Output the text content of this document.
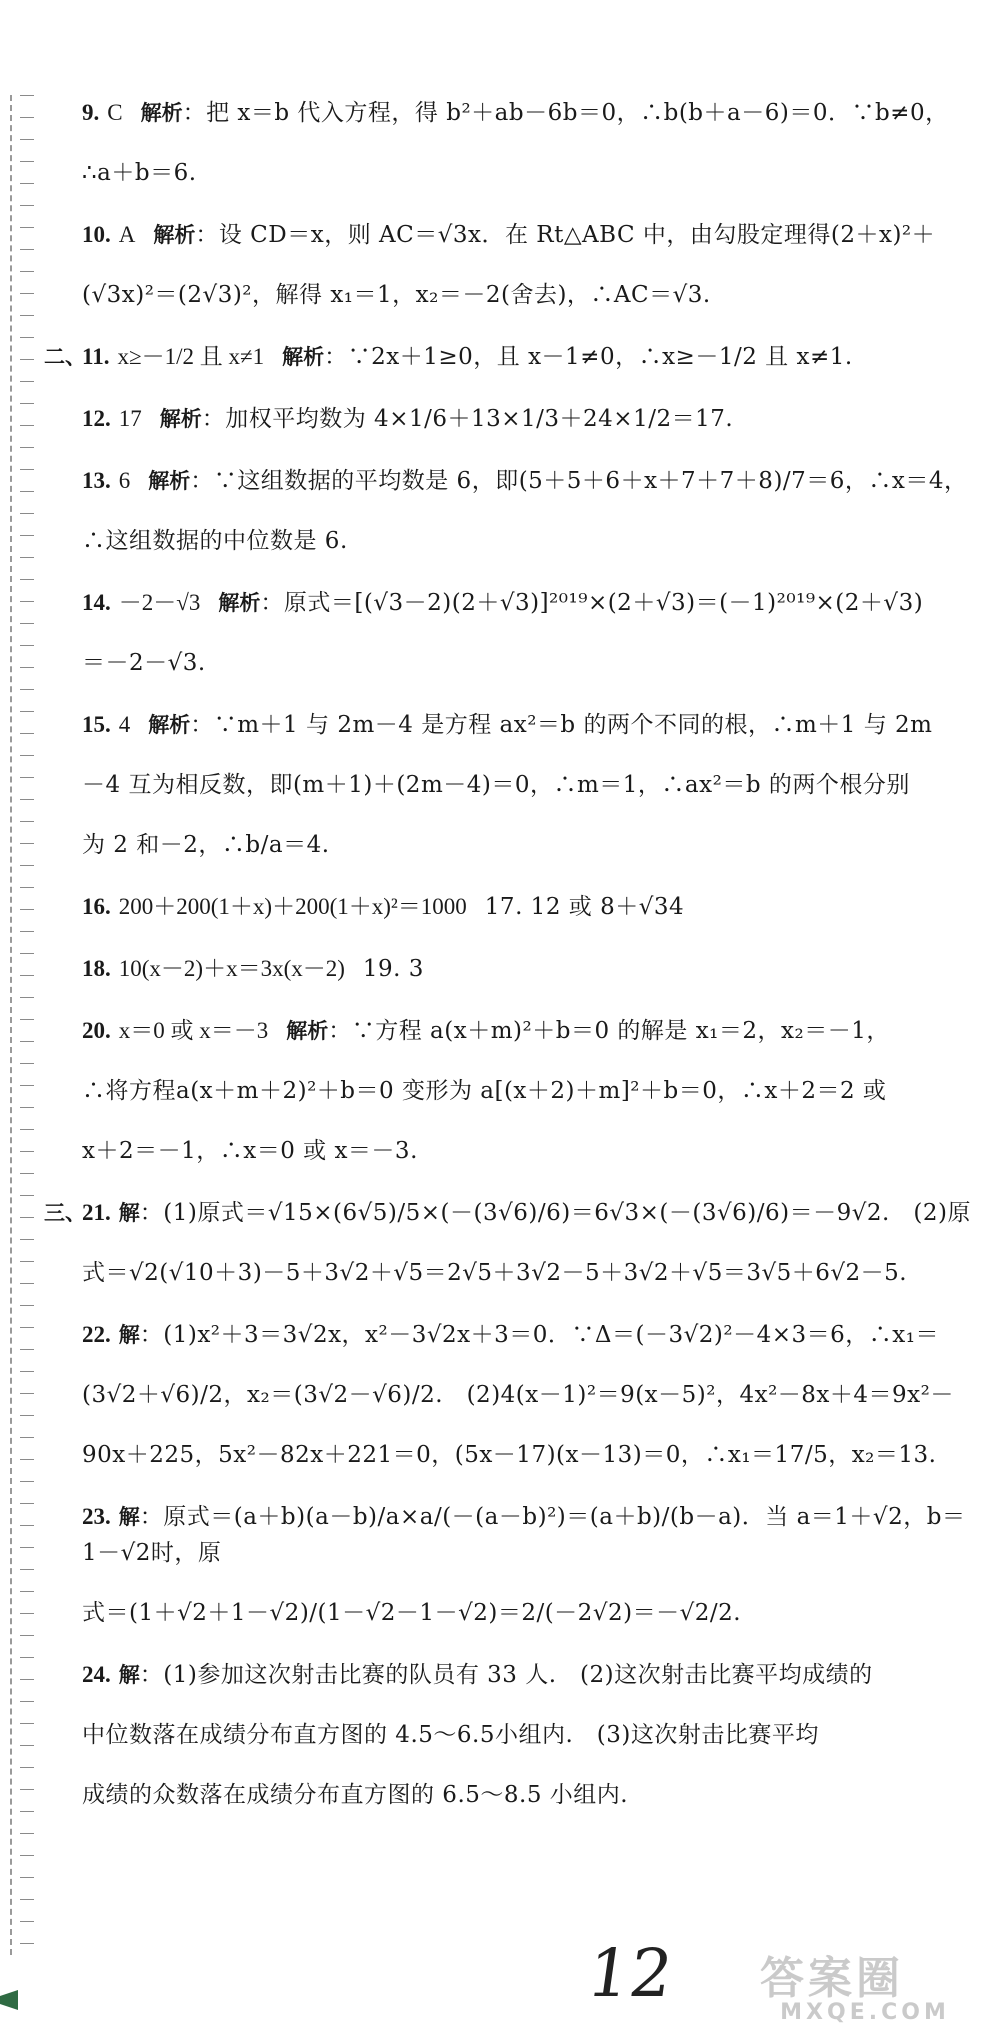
9. C 解析：把 x＝b 代入方程，得 b²＋ab－6b＝0，∴b(b＋a－6)＝0．∵b≠0，
∴a＋b＝6.
10. A 解析：设 CD＝x，则 AC＝√3x．在 Rt△ABC 中，由勾股定理得(2＋x)²＋
(√3x)²＝(2√3)²，解得 x₁＝1，x₂＝－2(舍去)，∴AC＝√3.
二、
11. x≥－1/2 且 x≠1 解析：∵2x＋1≥0，且 x－1≠0，∴x≥－1/2 且 x≠1.
12. 17 解析：加权平均数为 4×1/6＋13×1/3＋24×1/2＝17.
13. 6 解析：∵这组数据的平均数是 6，即(5＋5＋6＋x＋7＋7＋8)/7＝6，∴x＝4，
∴这组数据的中位数是 6.
14. －2－√3 解析：原式＝[(√3－2)(2＋√3)]²⁰¹⁹×(2＋√3)＝(－1)²⁰¹⁹×(2＋√3)
＝－2－√3.
15. 4 解析：∵m＋1 与 2m－4 是方程 ax²＝b 的两个不同的根，∴m＋1 与 2m
－4 互为相反数，即(m＋1)＋(2m－4)＝0，∴m＝1，∴ax²＝b 的两个根分别
为 2 和－2，∴b/a＝4.
16. 200＋200(1＋x)＋200(1＋x)²＝1000 17. 12 或 8＋√34
18. 10(x－2)＋x＝3x(x－2) 19. 3
20. x＝0 或 x＝－3 解析：∵方程 a(x＋m)²＋b＝0 的解是 x₁＝2，x₂＝－1，
∴将方程a(x＋m＋2)²＋b＝0 变形为 a[(x＋2)＋m]²＋b＝0，∴x＋2＝2 或
x＋2＝－1，∴x＝0 或 x＝－3.
三、
21. 解：(1)原式＝√15×(6√5)/5×(－(3√6)/6)＝6√3×(－(3√6)/6)＝－9√2.　(2)原
式＝√2(√10＋3)－5＋3√2＋√5＝2√5＋3√2－5＋3√2＋√5＝3√5＋6√2－5.
22. 解：(1)x²＋3＝3√2x，x²－3√2x＋3＝0．∵Δ＝(－3√2)²－4×3＝6，∴x₁＝
(3√2＋√6)/2，x₂＝(3√2－√6)/2.　(2)4(x－1)²＝9(x－5)²，4x²－8x＋4＝9x²－
90x＋225，5x²－82x＋221＝0，(5x－17)(x－13)＝0，∴x₁＝17/5，x₂＝13.
23. 解：原式＝(a＋b)(a－b)/a×a/(－(a－b)²)＝(a＋b)/(b－a)．当 a＝1＋√2，b＝1－√2时，原
式＝(1＋√2＋1－√2)/(1－√2－1－√2)＝2/(－2√2)＝－√2/2.
24. 解：(1)参加这次射击比赛的队员有 33 人.　(2)这次射击比赛平均成绩的
中位数落在成绩分布直方图的 4.5～6.5小组内.　(3)这次射击比赛平均
成绩的众数落在成绩分布直方图的 6.5～8.5 小组内.
12 答案圈
MXQE.COM
